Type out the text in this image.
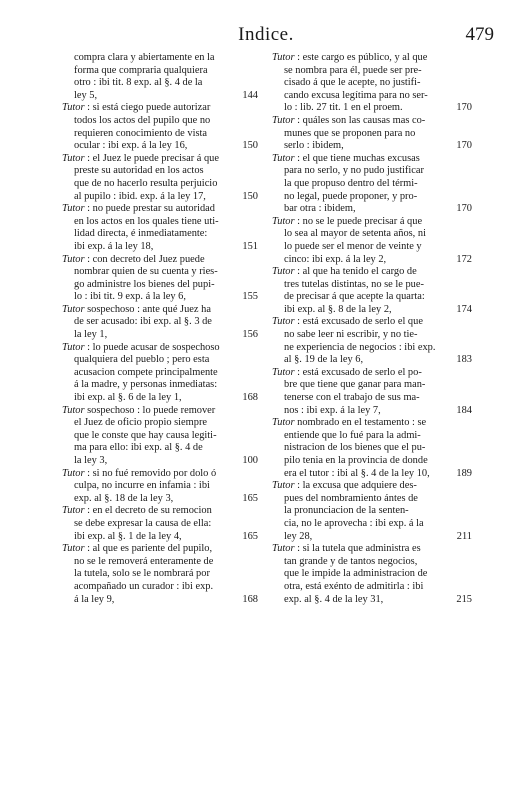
Indice.	479
compra clara y abiertamente en la
forma que compraria qualquiera
otro : ibi tit. 8 exp. al §. 4 de la
ley 5,	144
Tutor : si está ciego puede autorizar
todos los actos del pupilo que no
requieren conocimiento de vista
ocular : ibi exp. á la ley 16,	150
Tutor : el Juez le puede precisar á que
preste su autoridad en los actos
que de no hacerlo resulta perjuicio
al pupilo : ibid. exp. á la ley 17,	150
Tutor : no puede prestar su autoridad
en los actos en los quales tiene uti-
lidad directa, é inmediatamente:
ibi exp. á la ley 18,	151
Tutor : con decreto del Juez puede
nombrar quien de su cuenta y ries-
go administre los bienes del pupi-
lo : ibi tit. 9 exp. á la ley 6,	155
Tutor sospechoso : ante qué Juez ha
de ser acusado: ibi exp. al §. 3 de
la ley 1,	156
Tutor : lo puede acusar de sospechoso
qualquiera del pueblo ; pero esta
acusacion compete principalmente
á la madre, y personas inmediatas:
ibi exp. al §. 6 de la ley 1,	168
Tutor sospechoso : lo puede remover
el Juez de oficio propio siempre
que le conste que hay causa legiti-
ma para ello: ibi exp. al §. 4 de
la ley 3,	100
Tutor : si no fué removido por dolo ó
culpa, no incurre en infamia : ibi
exp. al §. 18 de la ley 3,	165
Tutor : en el decreto de su remocion
se debe expresar la causa de ella:
ibi exp. al §. 1 de la ley 4,	165
Tutor : al que es pariente del pupilo,
no se le removerá enteramente de
la tutela, solo se le nombrará por
acompañado un curador : ibi exp.
á la ley 9,	168
Tutor : este cargo es público, y al que
se nombra para él, puede ser pre-
cisado á que le acepte, no justifi-
cando excusa legítima para no ser-
lo : lib. 27 tit. 1 en el proem.	170
Tutor : quáles son las causas mas co-
munes que se proponen para no
serlo : ibidem,	170
Tutor : el que tiene muchas excusas
para no serlo, y no pudo justificar
la que propuso dentro del térmi-
no legal, puede proponer, y pro-
bar otra : ibidem,	170
Tutor : no se le puede precisar á que
lo sea al mayor de setenta años, ni
lo puede ser el menor de veinte y
cinco: ibi exp. á la ley 2,	172
Tutor : al que ha tenido el cargo de
tres tutelas distintas, no se le pue-
de precisar á que acepte la quarta:
ibi exp. al §. 8 de la ley 2,	174
Tutor : está excusado de serlo el que
no sabe leer ni escribir, y no tie-
ne experiencia de negocios : ibi exp.
al §. 19 de la ley 6,	183
Tutor : está excusado de serlo el po-
bre que tiene que ganar para man-
tenerse con el trabajo de sus ma-
nos : ibi exp. á la ley 7,	184
Tutor nombrado en el testamento : se
entiende que lo fué para la admi-
nistracion de los bienes que el pu-
pilo tenia en la provincia de donde
era el tutor : ibi al §. 4 de la ley 10,	189
Tutor : la excusa que adquiere des-
pues del nombramiento ántes de
la pronunciacion de la senten-
cia, no le aprovecha : ibi exp. á la
ley 28,	211
Tutor : si la tutela que administra es
tan grande y de tantos negocios,
que le impide la administracion de
otra, está exénto de admitirla : ibi
exp. al §. 4 de la ley 31,	215
